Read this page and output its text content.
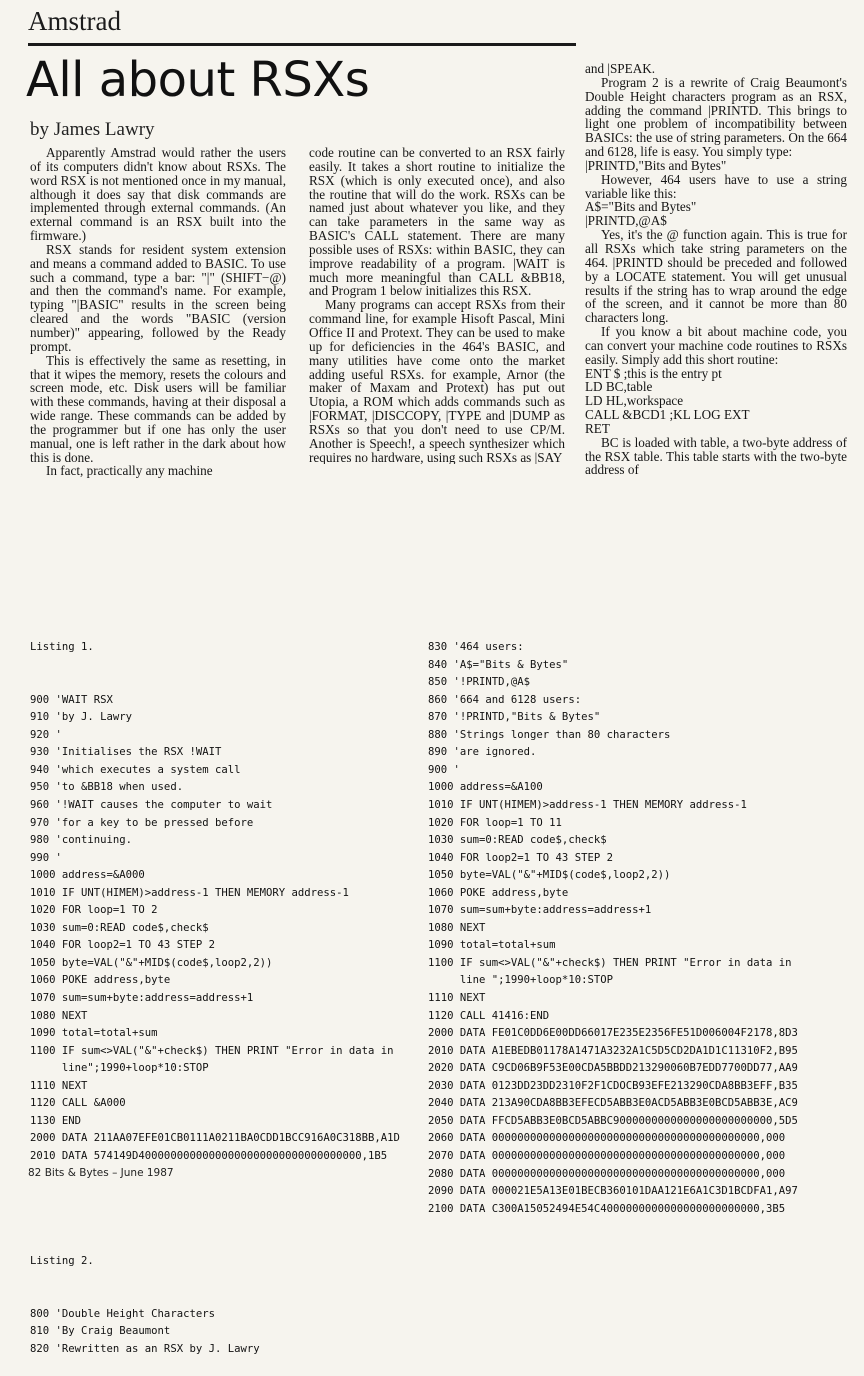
Amstrad
All about RSXs
by James Lawry

Apparently Amstrad would rather the users of its computers didn't know about RSXs. The word RSX is not mentioned once in my manual, although it does say that disk commands are implemented through external commands. (An external command is an RSX built into the firmware.)

RSX stands for resident system extension and means a command added to BASIC. To use such a command, type a bar: "|" (SHIFT−@) and then the command's name. For example, typing "|BASIC" results in the screen being cleared and the words "BASIC (version number)" appearing, followed by the Ready prompt.

This is effectively the same as resetting, in that it wipes the memory, resets the colours and screen mode, etc. Disk users will be familiar with these commands, having at their disposal a wide range. These commands can be added by the programmer but if one has only the user manual, one is left rather in the dark about how this is done.

In fact, practically any machine

code routine can be converted to an RSX fairly easily. It takes a short routine to initialize the RSX (which is only executed once), and also the routine that will do the work. RSXs can be named just about whatever you like, and they can take parameters in the same way as BASIC's CALL statement. There are many possible uses of RSXs: within BASIC, they can improve readability of a program. |WAIT is much more meaningful than CALL &BB18, and Program 1 below initializes this RSX.

Many programs can accept RSXs from their command line, for example Hisoft Pascal, Mini Office II and Protext. They can be used to make up for deficiencies in the 464's BASIC, and many utilities have come onto the market adding useful RSXs. for example, Arnor (the maker of Maxam and Protext) has put out Utopia, a ROM which adds commands such as |FORMAT, |DISCCOPY, |TYPE and |DUMP as RSXs so that you don't need to use CP/M. Another is Speech!, a speech synthesizer which requires no hardware, using such RSXs as |SAY

and |SPEAK.

Program 2 is a rewrite of Craig Beaumont's Double Height characters program as an RSX, adding the command |PRINTD. This brings to light one problem of incompatibility between BASICs: the use of string parameters. On the 664 and 6128, life is easy. You simply type:

|PRINTD,"Bits and Bytes"

However, 464 users have to use a string variable like this:

A$="Bits and Bytes"

|PRINTD,@A$

Yes, it's the @ function again. This is true for all RSXs which take string parameters on the 464. |PRINTD should be preceded and followed by a LOCATE statement. You will get unusual results if the string has to wrap around the edge of the screen, and it cannot be more than 80 characters long.

If you know a bit about machine code, you can convert your machine code routines to RSXs easily. Simply add this short routine:

ENT $ ;this is the entry pt

LD BC,table

LD HL,workspace

CALL &BCD1 ;KL LOG EXT

RET

BC is loaded with table, a two-byte address of the RSX table. This table starts with the two-byte address of

Listing 1.

900 'WAIT RSX
910 'by J. Lawry
920 '
930 'Initialises the RSX !WAIT
940 'which executes a system call
950 'to &BB18 when used.
960 '!WAIT causes the computer to wait
970 'for a key to be pressed before
980 'continuing.
990 '
1000 address=&A000
1010 IF UNT(HIMEM)>address-1 THEN MEMORY address-1
1020 FOR loop=1 TO 2
1030 sum=0:READ code$,check$
1040 FOR loop2=1 TO 43 STEP 2
1050 byte=VAL("&"+MID$(code$,loop2,2))
1060 POKE address,byte
1070 sum=sum+byte:address=address+1
1080 NEXT
1090 total=total+sum
1100 IF sum<>VAL("&"+check$) THEN PRINT "Error in data in
line";1990+loop*10:STOP
1110 NEXT
1120 CALL &A000
1130 END
2000 DATA 211AA07EFE01CB0111A0211BA0CDD1BCC916A0C318BB,A1D
2010 DATA 574149D40000000000000000000000000000000000,1B5

Listing 2.

800 'Double Height Characters
810 'By Craig Beaumont
820 'Rewritten as an RSX by J. Lawry

830 '464 users:
840 'A$="Bits & Bytes"
850 '!PRINTD,@A$
860 '664 and 6128 users:
870 '!PRINTD,"Bits & Bytes"
880 'Strings longer than 80 characters
890 'are ignored.
900 '
1000 address=&A100
1010 IF UNT(HIMEM)>address-1 THEN MEMORY address-1
1020 FOR loop=1 TO 11
1030 sum=0:READ code$,check$
1040 FOR loop2=1 TO 43 STEP 2
1050 byte=VAL("&"+MID$(code$,loop2,2))
1060 POKE address,byte
1070 sum=sum+byte:address=address+1
1080 NEXT
1090 total=total+sum
1100 IF sum<>VAL("&"+check$) THEN PRINT "Error in data in
line ";1990+loop*10:STOP
1110 NEXT
1120 CALL 41416:END
2000 DATA FE01C0DD6E00DD66017E235E2356FE51D006004F2178,8D3
2010 DATA A1EBEDB01178A1471A3232A1C5D5CD2DA1D1C11310F2,B95
2020 DATA C9CD06B9F53E00CDA5BBDD213290060B7EDD7700DD77,AA9
2030 DATA 0123DD23DD2310F2F1CDOCB93EFE213290CDA8BB3EFF,B35
2040 DATA 213A90CDA8BB3EFECD5ABB3E0ACD5ABB3E0BCD5ABB3E,AC9
2050 DATA FFCD5ABB3E0BCD5ABBC9000000000000000000000000,5D5
2060 DATA 000000000000000000000000000000000000000000,000
2070 DATA 000000000000000000000000000000000000000000,000
2080 DATA 000000000000000000000000000000000000000000,000
2090 DATA 000021E5A13E01BECB360101DAA121E6A1C3D1BCDFA1,A97
2100 DATA C300A15052494E54C4000000000000000000000000,3B5

82 Bits & Bytes – June 1987
